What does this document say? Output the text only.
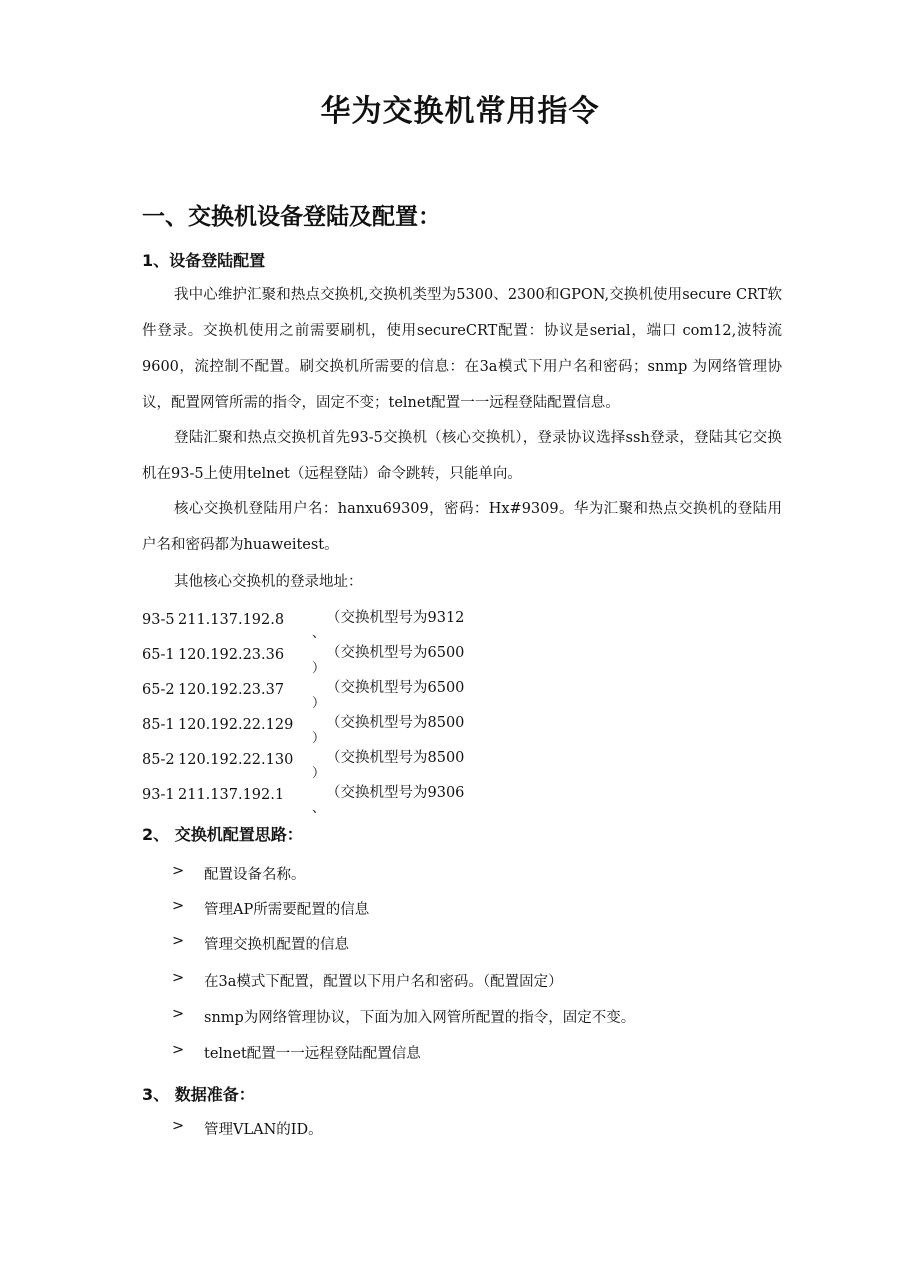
华为交换机常用指令
一、交换机设备登陆及配置：
1、设备登陆配置

我中心维护汇聚和热点交换机,交换机类型为5300、2300和GPON,交换机使用secure CRT软件登录。交换机使用之前需要刷机，使用secureCRT配置：协议是serial，端口 com12,波特流9600，流控制不配置。刷交换机所需要的信息：在3a模式下用户名和密码；snmp 为网络管理协议，配置网管所需的指令，固定不变；telnet配置一一远程登陆配置信息。

登陆汇聚和热点交换机首先93-5交换机（核心交换机），登录协议选择ssh登录，登陆其它交换机在93-5上使用telnet（远程登陆）命令跳转，只能单向。

核心交换机登陆用户名：hanxu69309，密码：Hx#9309。华为汇聚和热点交换机的登陆用户名和密码都为huaweitest。

其他核心交换机的登录地址：

93-5 211.137.192.8	（交换机型号为9312
、
65-1 120.192.23.36	（交换机型号为6500
）
65-2 120.192.23.37	（交换机型号为6500
）
85-1 120.192.22.129 （交换机型号为8500
）
85-2 120.192.22.130 （交换机型号为8500
）
93-1 211.137.192.1	（交换机型号为9306
、
2、 交换机配置思路：
> 配置设备名称。
> 管理AP所需要配置的信息
> 管理交换机配置的信息
> 在3a模式下配置，配置以下用户名和密码。（配置固定）
> snmp为网络管理协议，下面为加入网管所配置的指令，固定不变。
> telnet配置一一远程登陆配置信息
3、 数据准备：
> 管理VLAN的ID。
